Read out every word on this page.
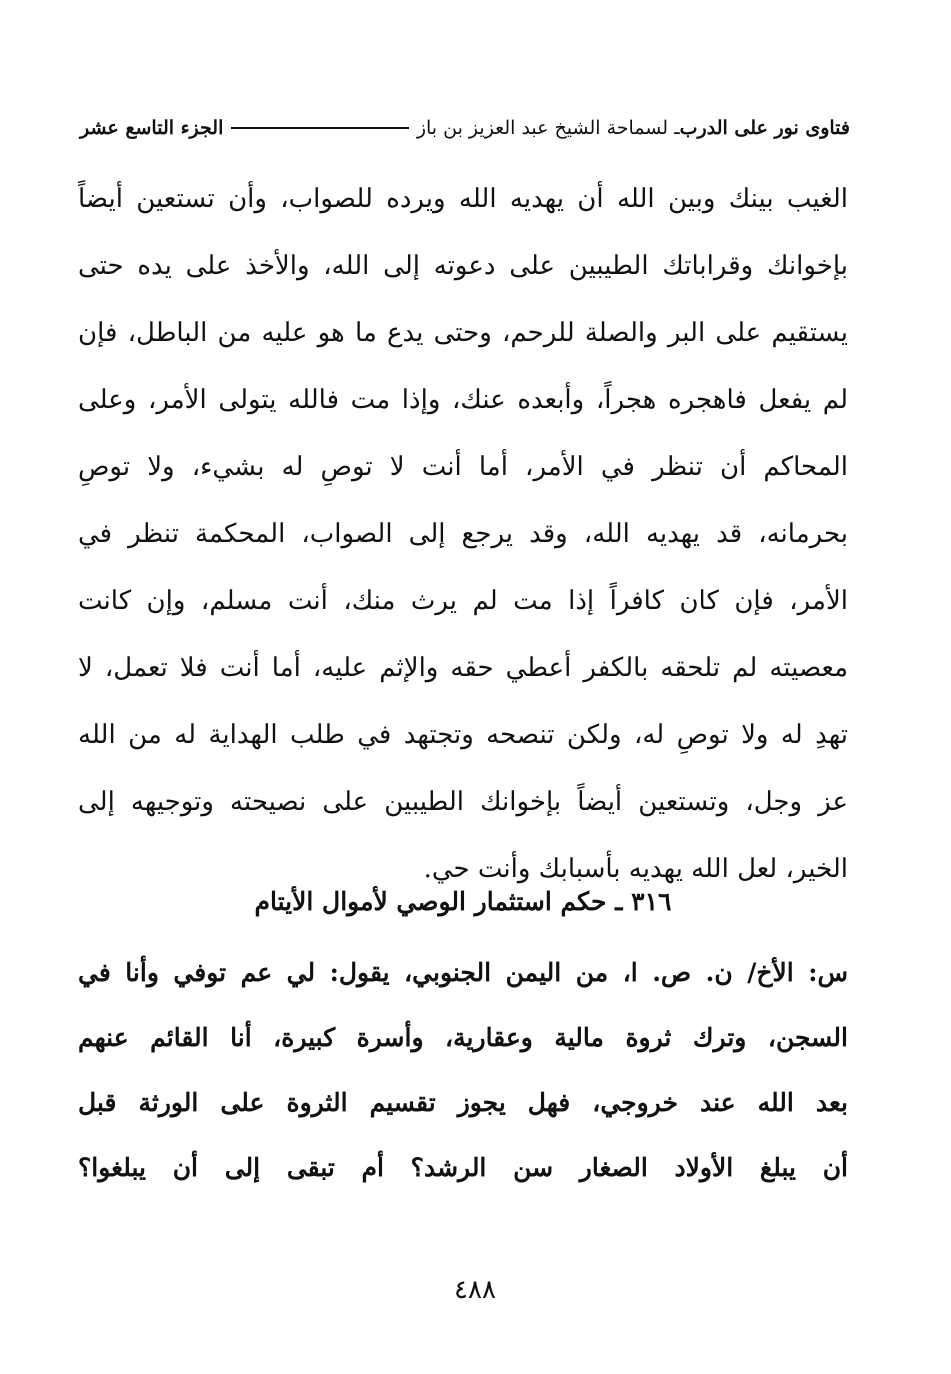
فتاوى نور على الدرب
ـ لسماحة الشيخ عبد العزيز بن باز
الجزء التاسع عشر
الغيب بينك وبين الله أن يهديه الله ويرده للصواب، وأن تستعين أيضاً
بإخوانك وقراباتك الطيبين على دعوته إلى الله، والأخذ على يده حتى
يستقيم على البر والصلة للرحم، وحتى يدع ما هو عليه من الباطل، فإن
لم يفعل فاهجره هجراً، وأبعده عنك، وإذا مت فالله يتولى الأمر، وعلى
المحاكم أن تنظر في الأمر، أما أنت لا توصِ له بشيء، ولا توصِ
بحرمانه، قد يهديه الله، وقد يرجع إلى الصواب، المحكمة تنظر في
الأمر، فإن كان كافراً إذا مت لم يرث منك، أنت مسلم، وإن كانت
معصيته لم تلحقه بالكفر أعطي حقه والإثم عليه، أما أنت فلا تعمل، لا
تهدِ له ولا توصِ له، ولكن تنصحه وتجتهد في طلب الهداية له من الله
عز وجل، وتستعين أيضاً بإخوانك الطيبين على نصيحته وتوجيهه إلى
الخير، لعل الله يهديه بأسبابك وأنت حي.
٣١٦ ـ حكم استثمار الوصي لأموال الأيتام
س: الأخ/ ن. ص. ا، من اليمن الجنوبي، يقول: لي عم توفي وأنا في
السجن، وترك ثروة مالية وعقارية، وأسرة كبيرة، أنا القائم عنهم
بعد الله عند خروجي، فهل يجوز تقسيم الثروة على الورثة قبل
أن يبلغ الأولاد الصغار سن الرشد؟ أم تبقى إلى أن يبلغوا؟
٤٨٨
